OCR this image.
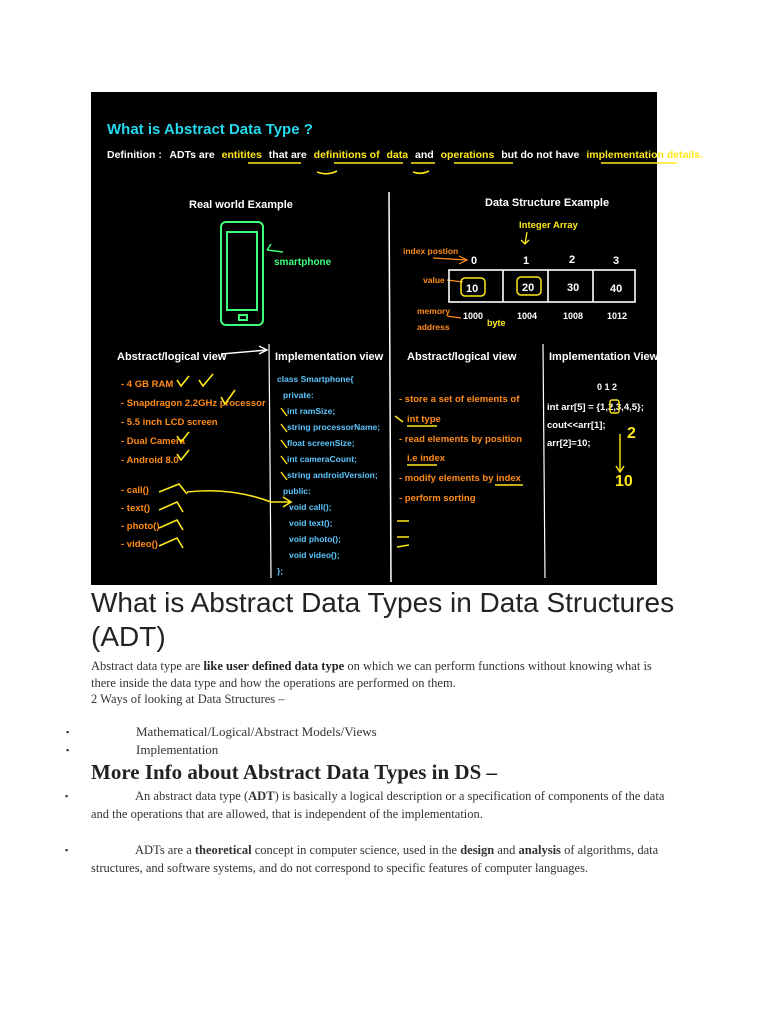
What is Abstract Data Type ?
Definition : ADTs are entitites that are definitions of data and operations but do not have implementation details.
Real world Example
smartphone
Abstract/logical view	Implementation view
- 4 GB RAM
- Snapdragon 2.2GHz processor
- 5.5 inch LCD screen
- Dual Camera
- Android 8.0
- call()
- text()
- photo()
- video()
class Smartphone{
private:
int ramSize;
string processorName;
float screenSize;
int cameraCount;
string androidVersion;
public:
void call();
void text();
void photo();
void video();
};
Data Structure Example
Integer Array
index postion
0	1	2	3
value
10	20	30	40
memory
address
1000	1004	1008	1012
byte
Abstract/logical view	Implementation View
- store a set of elements of
int type
- read elements by position
i.e index
- modify elements by index
- perform sorting
0 1 2
int arr[5] = {1,2,3,4,5};
cout<<arr[1];
arr[2]=10;
2
10
What is Abstract Data Types in Data Structures (ADT)

Abstract data type are like user defined data type on which we can perform functions without knowing what is there inside the data type and how the operations are performed on them.
2 Ways of looking at Data Structures –

▪	Mathematical/Logical/Abstract Models/Views
▪	Implementation
More Info about Abstract Data Types in DS –

▪	An abstract data type (ADT) is basically a logical description or a specification of components of the data and the operations that are allowed, that is independent of the implementation.

▪	ADTs are a theoretical concept in computer science, used in the design and analysis of algorithms, data structures, and software systems, and do not correspond to specific features of computer languages.
